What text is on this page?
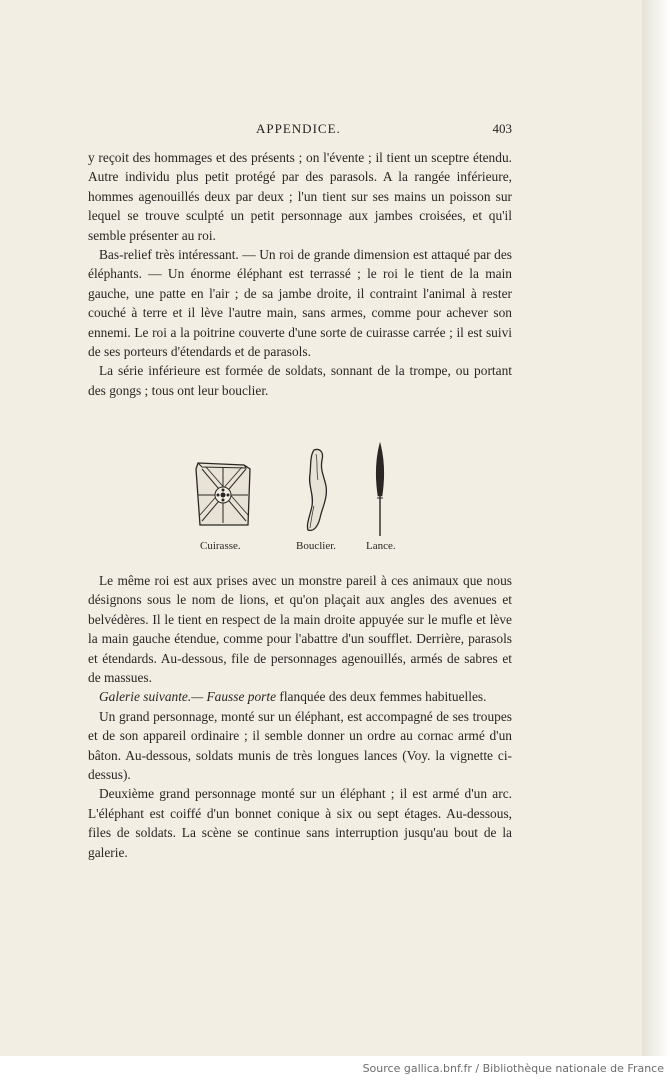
APPENDICE.	403

y reçoit des hommages et des présents ; on l'évente ; il tient un sceptre étendu. Autre individu plus petit protégé par des parasols. A la rangée inférieure, hommes agenouillés deux par deux ; l'un tient sur ses mains un poisson sur lequel se trouve sculpté un petit personnage aux jambes croisées, et qu'il semble présenter au roi.

Bas-relief très intéressant. — Un roi de grande dimension est attaqué par des éléphants. — Un énorme éléphant est terrassé ; le roi le tient de la main gauche, une patte en l'air ; de sa jambe droite, il contraint l'animal à rester couché à terre et il lève l'autre main, sans armes, comme pour achever son ennemi. Le roi a la poitrine couverte d'une sorte de cuirasse carrée ; il est suivi de ses porteurs d'étendards et de parasols.

La série inférieure est formée de soldats, sonnant de la trompe, ou portant des gongs ; tous ont leur bouclier.

Cuirasse.	Bouclier.	Lance.

Le même roi est aux prises avec un monstre pareil à ces animaux que nous désignons sous le nom de lions, et qu'on plaçait aux angles des avenues et belvédères. Il le tient en respect de la main droite appuyée sur le mufle et lève la main gauche étendue, comme pour l'abattre d'un soufflet. Derrière, parasols et étendards. Au-dessous, file de personnages agenouillés, armés de sabres et de massues.

Galerie suivante.— Fausse porte flanquée des deux femmes habituelles.

Un grand personnage, monté sur un éléphant, est accompagné de ses troupes et de son appareil ordinaire ; il semble donner un ordre au cornac armé d'un bâton. Au-dessous, soldats munis de très longues lances (Voy. la vignette ci-dessus).

Deuxième grand personnage monté sur un éléphant ; il est armé d'un arc. L'éléphant est coiffé d'un bonnet conique à six ou sept étages. Au-dessous, files de soldats. La scène se continue sans interruption jusqu'au bout de la galerie.

Source gallica.bnf.fr / Bibliothèque nationale de France
